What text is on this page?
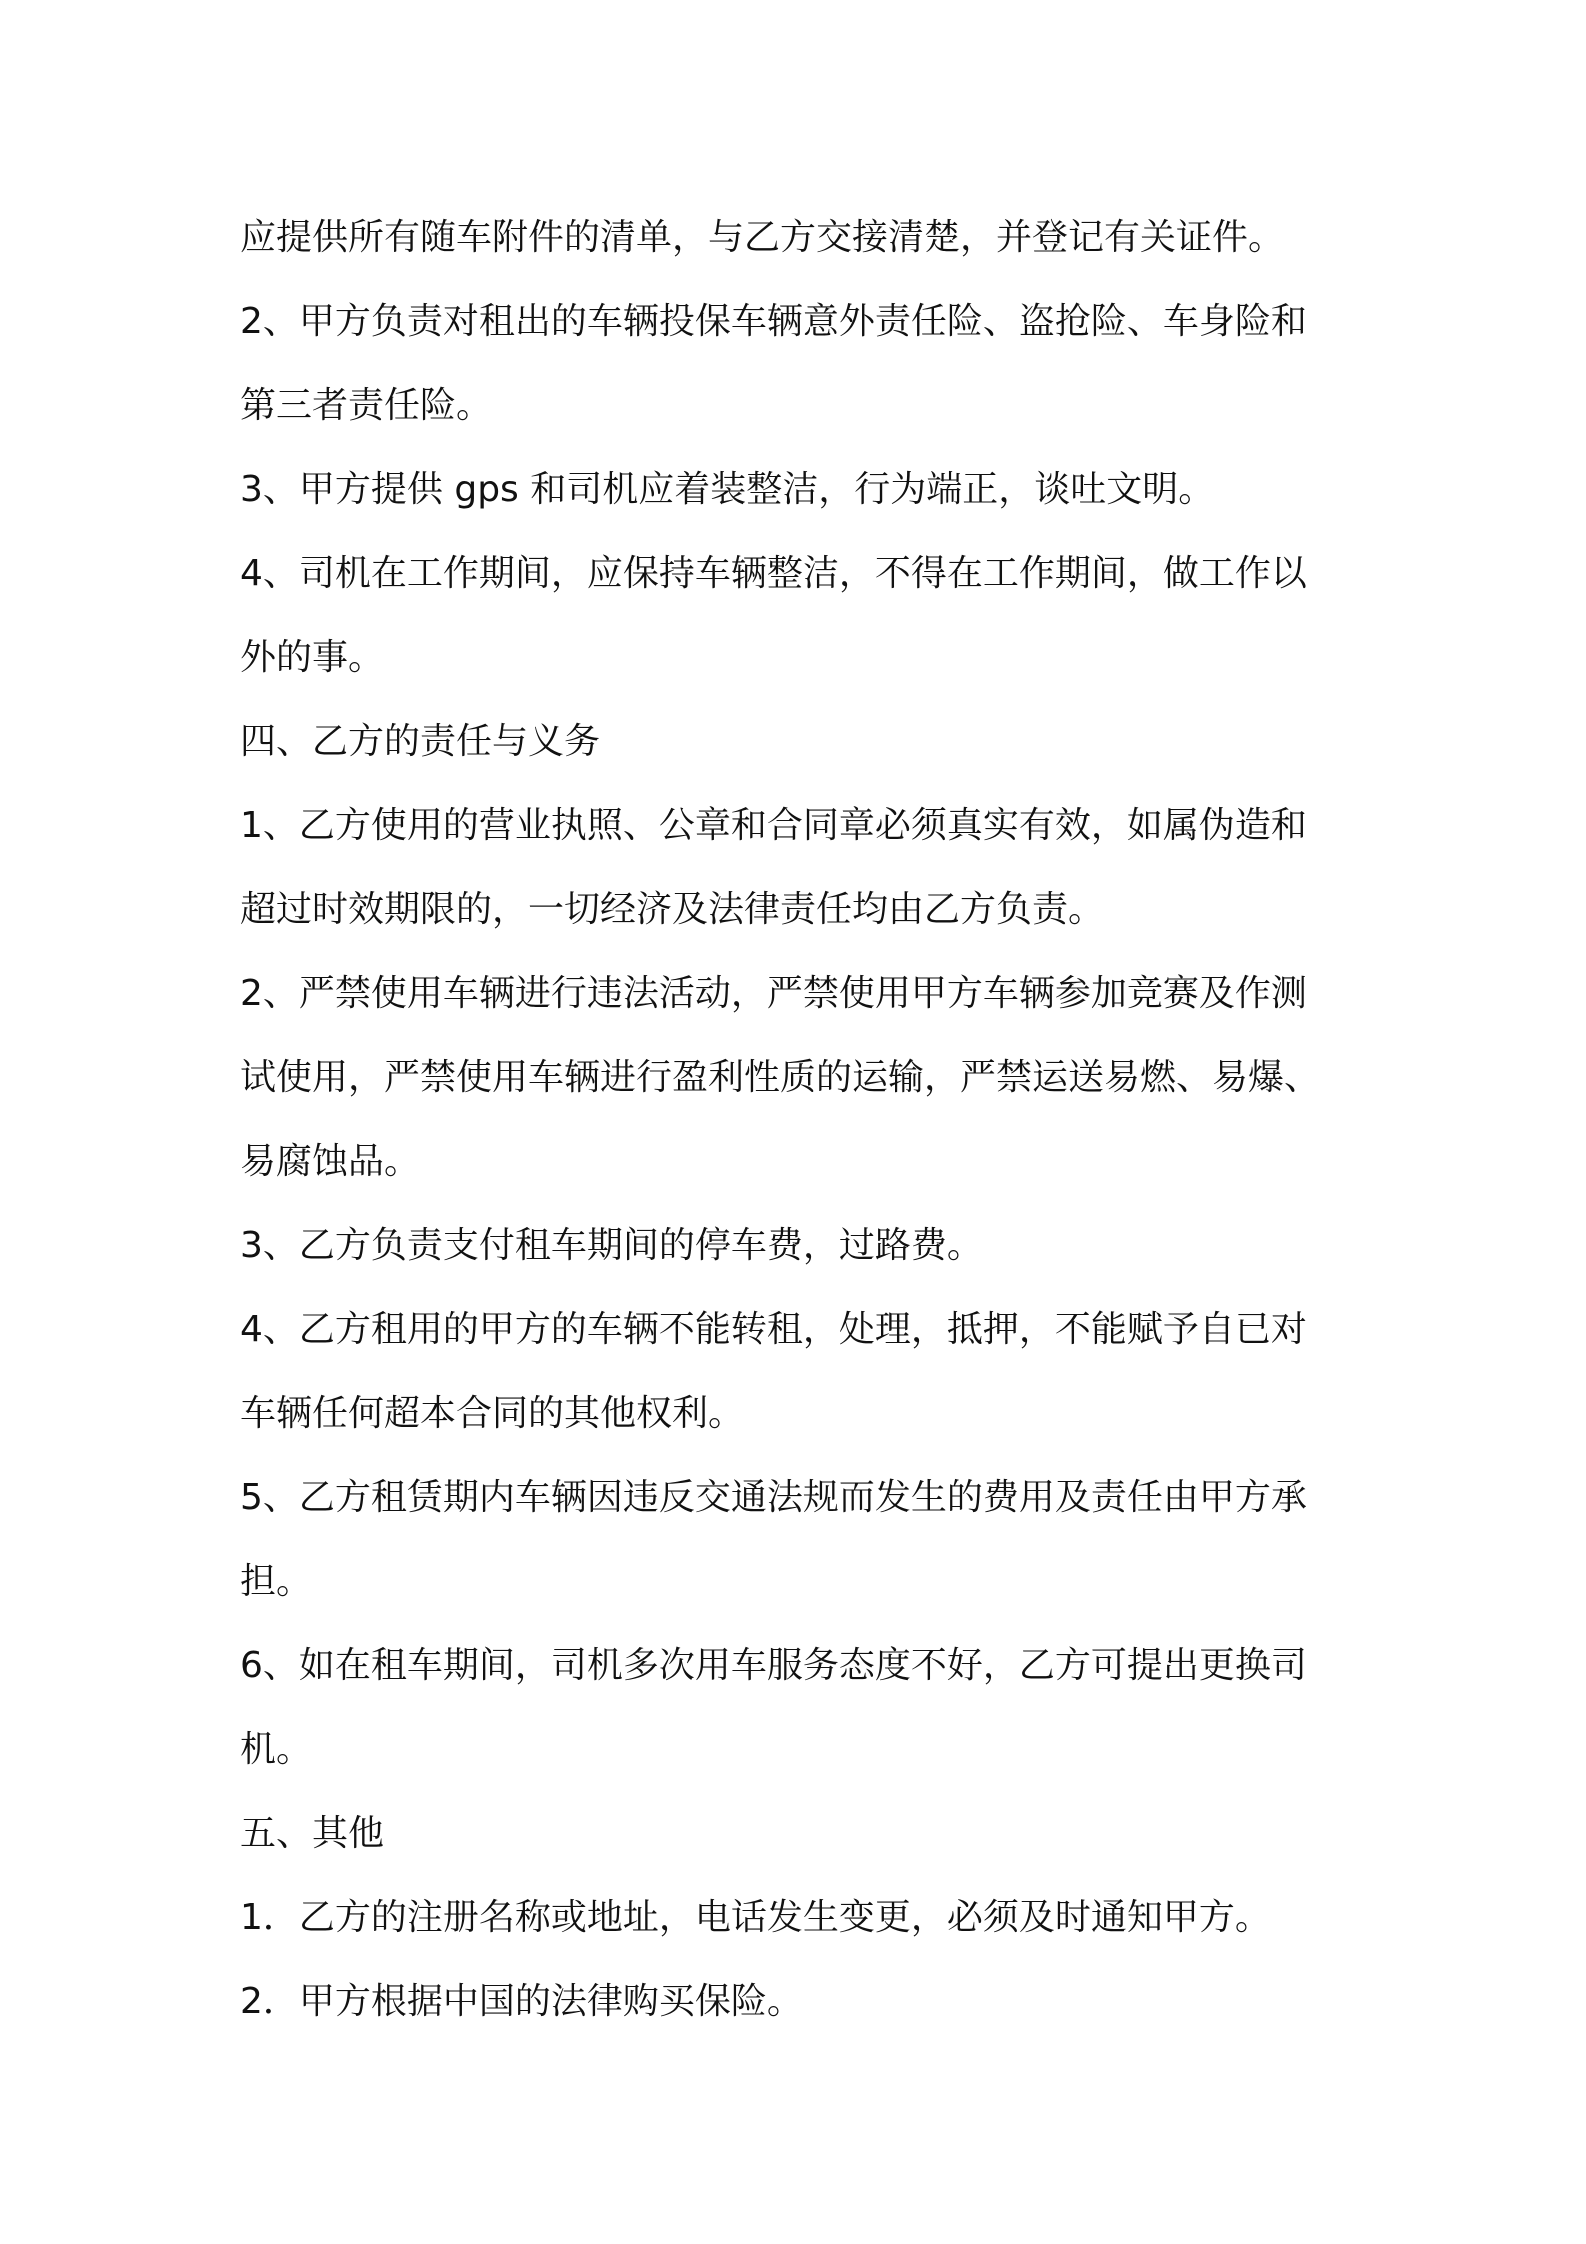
应提供所有随车附件的清单，与乙方交接清楚，并登记有关证件。
2、甲方负责对租出的车辆投保车辆意外责任险、盗抢险、车身险和
第三者责任险。
3、甲方提供 gps 和司机应着装整洁，行为端正，谈吐文明。
4、司机在工作期间，应保持车辆整洁，不得在工作期间，做工作以
外的事。
四、乙方的责任与义务
1、乙方使用的营业执照、公章和合同章必须真实有效，如属伪造和
超过时效期限的，一切经济及法律责任均由乙方负责。
2、严禁使用车辆进行违法活动，严禁使用甲方车辆参加竞赛及作测
试使用，严禁使用车辆进行盈利性质的运输，严禁运送易燃、易爆、
易腐蚀品。
3、乙方负责支付租车期间的停车费，过路费。
4、乙方租用的甲方的车辆不能转租，处理，抵押，不能赋予自已对
车辆任何超本合同的其他权利。
5、乙方租赁期内车辆因违反交通法规而发生的费用及责任由甲方承
担。
6、如在租车期间，司机多次用车服务态度不好，乙方可提出更换司
机。
五、其他
1．乙方的注册名称或地址，电话发生变更，必须及时通知甲方。
2．甲方根据中国的法律购买保险。
